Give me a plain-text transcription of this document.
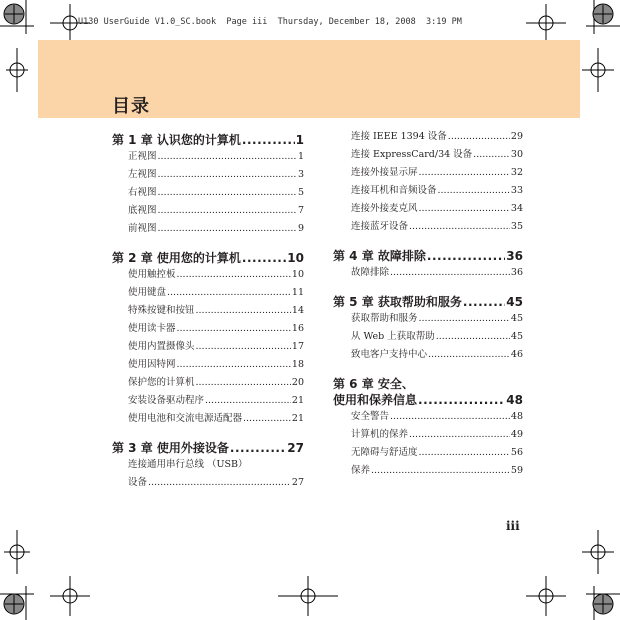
U130 UserGuide V1.0_SC.book  Page iii  Thursday, December 18, 2008  3:19 PM
目录
第 1 章 认识您的计算机 .....	1
正视图 .....	1
左视图 .....	3
右视图 .....	5
底视图 .....	7
前视图 .....	9
第 2 章 使用您的计算机 .....	10
使用触控板 .....	10
使用键盘 .....	11
特殊按键和按钮 .....	14
使用读卡器 .....	16
使用内置摄像头 .....	17
使用因特网 .....	18
保护您的计算机 .....	20
安装设备驱动程序 .....	21
使用电池和交流电源适配器 .....	21
第 3 章 使用外接设备 .....	27
连接通用串行总线 （USB）
设备 .....	27
连接 IEEE 1394 设备 .....	29
连接 ExpressCard/34 设备 .....	30
连接外接显示屏 .....	32
连接耳机和音频设备 .....	33
连接外接麦克风 .....	34
连接蓝牙设备 .....	35
第 4 章 故障排除 .....	36
故障排除 .....	36
第 5 章 获取帮助和服务 .....	45
获取帮助和服务 .....	45
从 Web 上获取帮助 .....	45
致电客户支持中心 .....	46
第 6 章 安全、
使用和保养信息 .....	48
安全警告 .....	48
计算机的保养 .....	49
无障碍与舒适度 .....	56
保养 .....	59
iii
